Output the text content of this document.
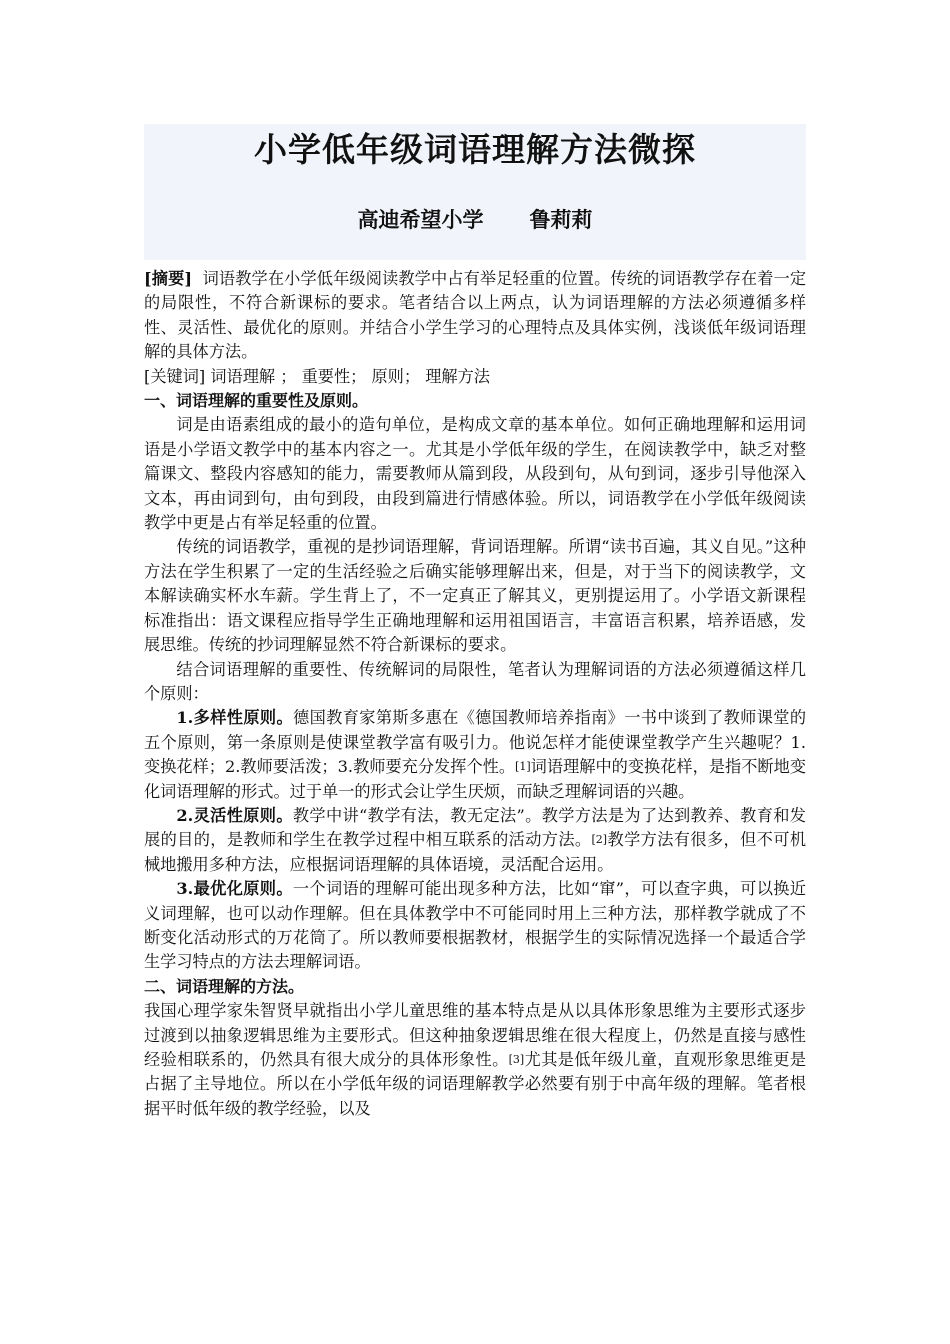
小学低年级词语理解方法微探
高迪希望小学 鲁莉莉

[摘要] 词语教学在小学低年级阅读教学中占有举足轻重的位置。传统的词语教学存在着一定的局限性，不符合新课标的要求。笔者结合以上两点，认为词语理解的方法必须遵循多样性、灵活性、最优化的原则。并结合小学生学习的心理特点及具体实例，浅谈低年级词语理解的具体方法。

[关键词] 词语理解 ； 重要性； 原则； 理解方法

一、词语理解的重要性及原则。

词是由语素组成的最小的造句单位，是构成文章的基本单位。如何正确地理解和运用词语是小学语文教学中的基本内容之一。尤其是小学低年级的学生，在阅读教学中，缺乏对整篇课文、整段内容感知的能力，需要教师从篇到段，从段到句，从句到词，逐步引导他深入文本，再由词到句，由句到段，由段到篇进行情感体验。所以，词语教学在小学低年级阅读教学中更是占有举足轻重的位置。

传统的词语教学，重视的是抄词语理解，背词语理解。所谓“读书百遍，其义自见。”这种方法在学生积累了一定的生活经验之后确实能够理解出来，但是，对于当下的阅读教学，文本解读确实杯水车薪。学生背上了，不一定真正了解其义，更别提运用了。小学语文新课程标准指出：语文课程应指导学生正确地理解和运用祖国语言，丰富语言积累，培养语感，发展思维。传统的抄词理解显然不符合新课标的要求。

结合词语理解的重要性、传统解词的局限性，笔者认为理解词语的方法必须遵循这样几个原则：

1.多样性原则。德国教育家第斯多惠在《德国教师培养指南》一书中谈到了教师课堂的五个原则，第一条原则是使课堂教学富有吸引力。他说怎样才能使课堂教学产生兴趣呢？1.变换花样；2.教师要活泼；3.教师要充分发挥个性。[1]词语理解中的变换花样，是指不断地变化词语理解的形式。过于单一的形式会让学生厌烦，而缺乏理解词语的兴趣。

2.灵活性原则。教学中讲“教学有法，教无定法”。教学方法是为了达到教养、教育和发展的目的，是教师和学生在教学过程中相互联系的活动方法。[2]教学方法有很多，但不可机械地搬用多种方法，应根据词语理解的具体语境，灵活配合运用。

3.最优化原则。一个词语的理解可能出现多种方法，比如“窜”，可以查字典，可以换近义词理解，也可以动作理解。但在具体教学中不可能同时用上三种方法，那样教学就成了不断变化活动形式的万花筒了。所以教师要根据教材，根据学生的实际情况选择一个最适合学生学习特点的方法去理解词语。

二、词语理解的方法。

我国心理学家朱智贤早就指出小学儿童思维的基本特点是从以具体形象思维为主要形式逐步过渡到以抽象逻辑思维为主要形式。但这种抽象逻辑思维在很大程度上，仍然是直接与感性经验相联系的，仍然具有很大成分的具体形象性。[3]尤其是低年级儿童，直观形象思维更是占据了主导地位。所以在小学低年级的词语理解教学必然要有别于中高年级的理解。笔者根据平时低年级的教学经验，以及
